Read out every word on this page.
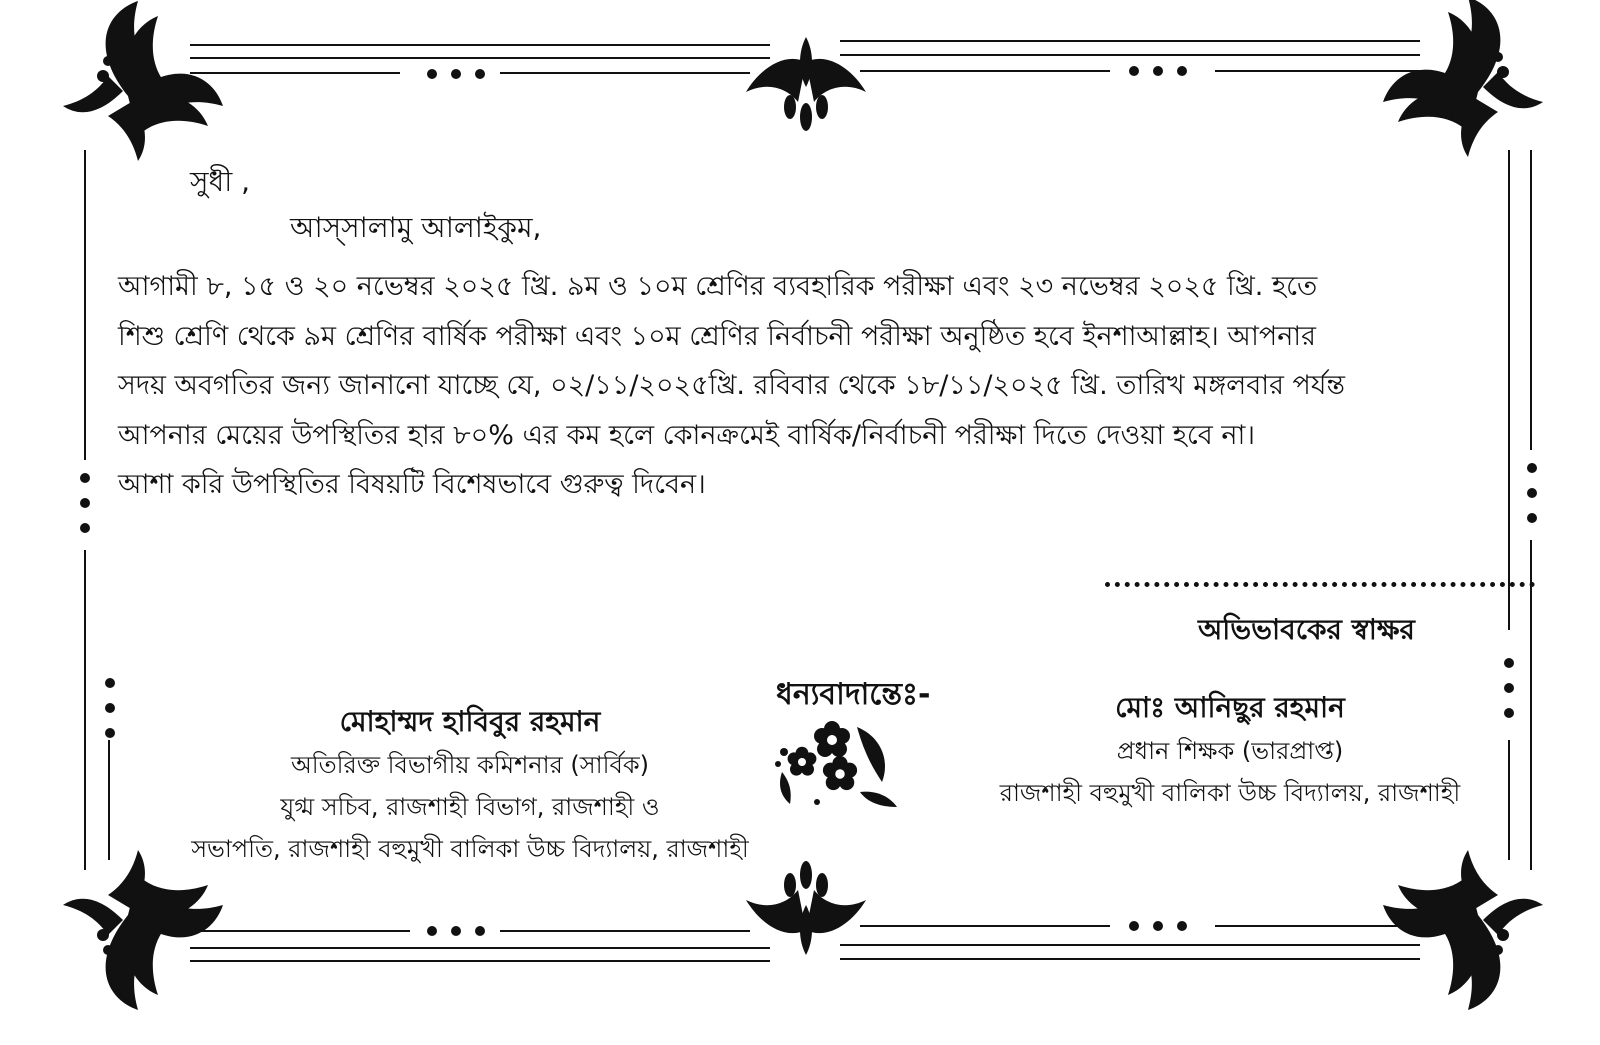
সুধী ,
আস্‌সালামু আলাইকুম,
আগামী ৮, ১৫ ও ২০ নভেম্বর ২০২৫ খ্রি. ৯ম ও ১০ম শ্রেণির ব্যবহারিক পরীক্ষা এবং ২৩ নভেম্বর ২০২৫ খ্রি. হতে
শিশু শ্রেণি থেকে ৯ম শ্রেণির বার্ষিক পরীক্ষা এবং ১০ম শ্রেণির নির্বাচনী পরীক্ষা অনুষ্ঠিত হবে ইনশাআল্লাহ। আপনার
সদয় অবগতির জন্য জানানো যাচ্ছে যে, ০২/১১/২০২৫খ্রি. রবিবার থেকে ১৮/১১/২০২৫ খ্রি. তারিখ মঙ্গলবার পর্যন্ত
আপনার মেয়ের উপস্থিতির হার ৮০% এর কম হলে কোনক্রমেই বার্ষিক/নির্বাচনী পরীক্ষা দিতে দেওয়া হবে না।
আশা করি উপস্থিতির বিষয়টি বিশেষভাবে গুরুত্ব দিবেন।
অভিভাবকের স্বাক্ষর
ধন্যবাদান্তেঃ-
মোহাম্মদ হাবিবুর রহমান
অতিরিক্ত বিভাগীয় কমিশনার (সার্বিক)
যুগ্ম সচিব, রাজশাহী বিভাগ, রাজশাহী ও
সভাপতি, রাজশাহী বহুমুখী বালিকা উচ্চ বিদ্যালয়, রাজশাহী
মোঃ আনিছুর রহমান
প্রধান শিক্ষক (ভারপ্রাপ্ত)
রাজশাহী বহুমুখী বালিকা উচ্চ বিদ্যালয়, রাজশাহী
